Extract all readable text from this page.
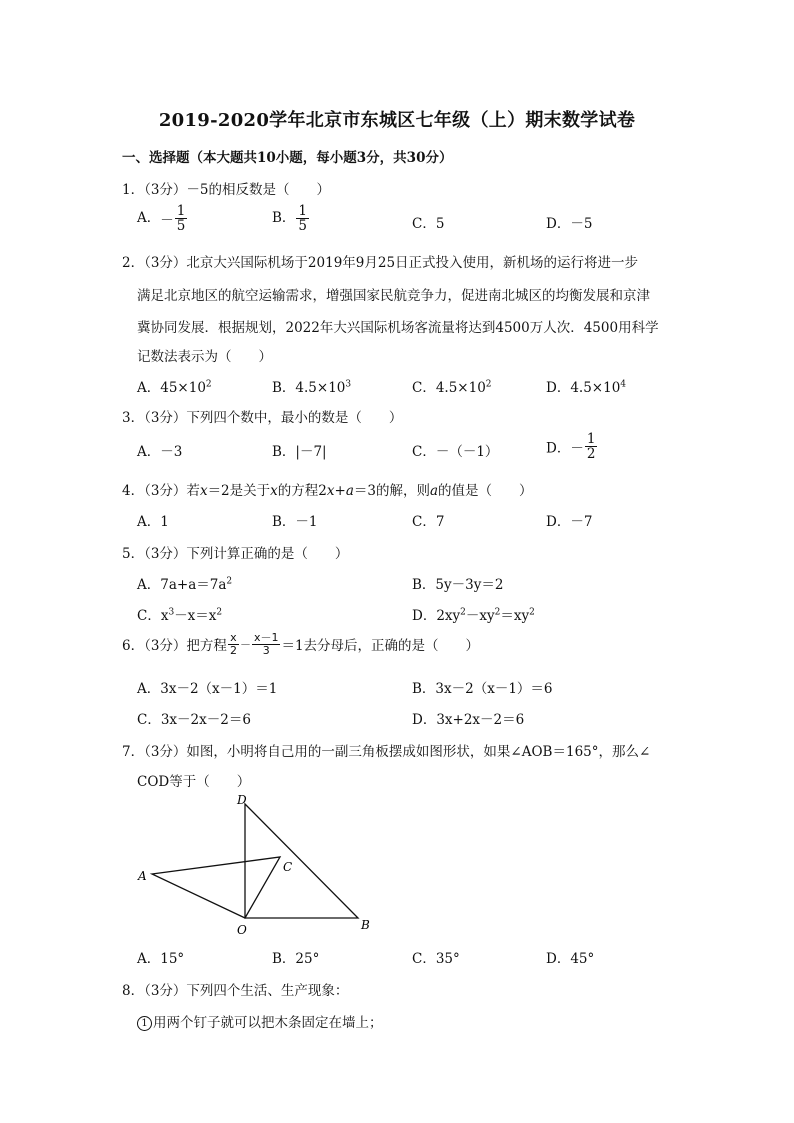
2019-2020学年北京市东城区七年级（上）期末数学试卷
一、选择题（本大题共10小题，每小题3分，共30分）
1．（3分）－5的相反数是（　　）
A．－ $\frac{1}{5}$	B． $\frac{1}{5}$	C．5	D．－5
2．（3分）北京大兴国际机场于2019年9月25日正式投入使用，新机场的运行将进一步
满足北京地区的航空运输需求，增强国家民航竞争力，促进南北城区的均衡发展和京津
冀协同发展．根据规划，2022年大兴国际机场客流量将达到4500万人次．4500用科学
记数法表示为（　　）
A．$45\times 10^2$	B．$4.5\times 10^3$	C．$4.5\times 10^2$	D．$4.5\times 10^4$
3．（3分）下列四个数中，最小的数是（　　）
A．－3	B．|－7|	C．－（－1）	D．－ $\frac{1}{2}$
4．（3分）若x＝2是关于x的方程2x+a＝3的解，则a的值是（　　）
A．1	B．－1	C．7	D．－7
5．（3分）下列计算正确的是（　　）
A．$7a+a=7a^2$	B．5y－3y＝2
C．$x^3-x=x^2$	D．$2xy^2-xy^2=xy^2$
6．（3分）把方程 $\frac{x}{2} - \frac{x-1}{3} =1$去分母后，正确的是（　　）
A．3x－2（x－1）＝1	B．3x－2（x－1）＝6
C．3x－2x－2＝6	D．3x+2x－2＝6
7．（3分）如图，小明将自己用的一副三角板摆成如图形状，如果∠AOB＝165°，那么∠
COD等于（　　）
D
C
A
O	B
A．15°	B．25°	C．35°	D．45°
8．（3分）下列四个生活、生产现象：
1 用两个钉子就可以把木条固定在墙上；
